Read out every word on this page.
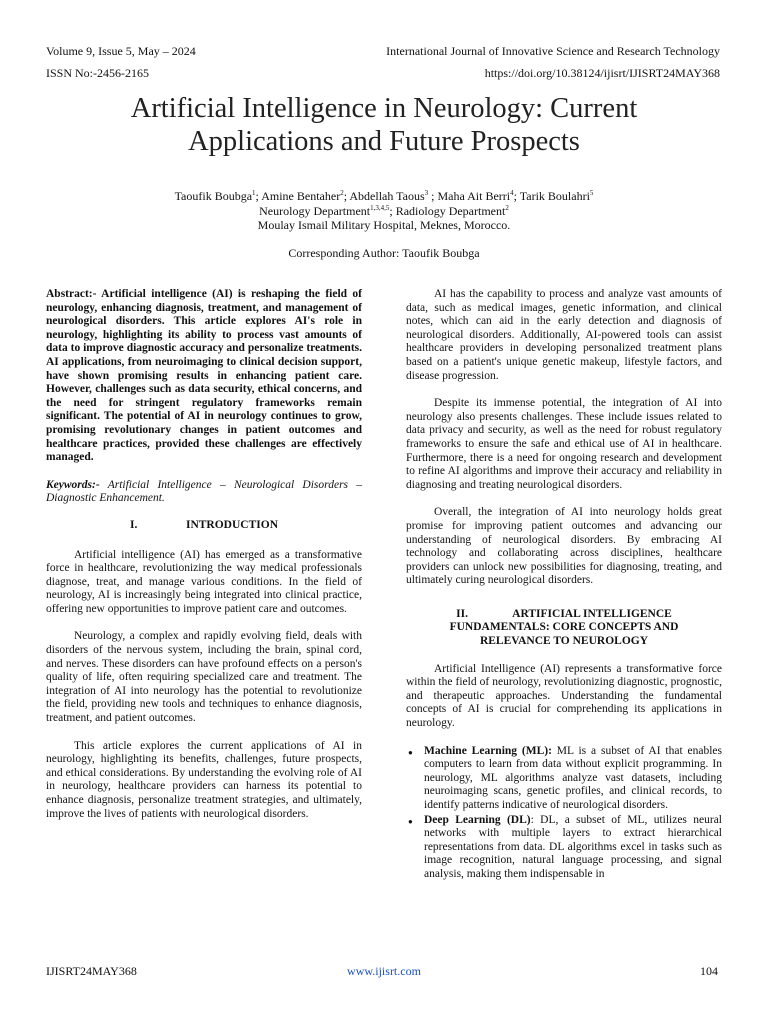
Volume 9, Issue 5, May – 2024	International Journal of Innovative Science and Research Technology
ISSN No:-2456-2165	https://doi.org/10.38124/ijisrt/IJISRT24MAY368
Artificial Intelligence in Neurology: Current Applications and Future Prospects
Taoufik Boubga$^1$; Amine Bentaher$^2$; Abdellah Taous$^3$ ; Maha Ait Berri$^4$; Tarik Boulahri$^5$
Neurology Department$^{1,3,4,5}$; Radiology Department$^2$
Moulay Ismail Military Hospital, Meknes, Morocco.
Corresponding Author: Taoufik Boubga

Abstract:- Artificial intelligence (AI) is reshaping the field of neurology, enhancing diagnosis, treatment, and management of neurological disorders. This article explores AI's role in neurology, highlighting its ability to process vast amounts of data to improve diagnostic accuracy and personalize treatments. AI applications, from neuroimaging to clinical decision support, have shown promising results in enhancing patient care. However, challenges such as data security, ethical concerns, and the need for stringent regulatory frameworks remain significant. The potential of AI in neurology continues to grow, promising revolutionary changes in patient outcomes and healthcare practices, provided these challenges are effectively managed.

Keywords:- Artificial Intelligence – Neurological Disorders – Diagnostic Enhancement.

I.	INTRODUCTION

Artificial intelligence (AI) has emerged as a transformative force in healthcare, revolutionizing the way medical professionals diagnose, treat, and manage various conditions. In the field of neurology, AI is increasingly being integrated into clinical practice, offering new opportunities to improve patient care and outcomes.

Neurology, a complex and rapidly evolving field, deals with disorders of the nervous system, including the brain, spinal cord, and nerves. These disorders can have profound effects on a person's quality of life, often requiring specialized care and treatment. The integration of AI into neurology has the potential to revolutionize the field, providing new tools and techniques to enhance diagnosis, treatment, and patient outcomes.

This article explores the current applications of AI in neurology, highlighting its benefits, challenges, future prospects, and ethical considerations. By understanding the evolving role of AI in neurology, healthcare providers can harness its potential to enhance diagnosis, personalize treatment strategies, and ultimately, improve the lives of patients with neurological disorders.

AI has the capability to process and analyze vast amounts of data, such as medical images, genetic information, and clinical notes, which can aid in the early detection and diagnosis of neurological disorders. Additionally, AI-powered tools can assist healthcare providers in developing personalized treatment plans based on a patient's unique genetic makeup, lifestyle factors, and disease progression.

Despite its immense potential, the integration of AI into neurology also presents challenges. These include issues related to data privacy and security, as well as the need for robust regulatory frameworks to ensure the safe and ethical use of AI in healthcare. Furthermore, there is a need for ongoing research and development to refine AI algorithms and improve their accuracy and reliability in diagnosing and treating neurological disorders.

Overall, the integration of AI into neurology holds great promise for improving patient outcomes and advancing our understanding of neurological disorders. By embracing AI technology and collaborating across disciplines, healthcare providers can unlock new possibilities for diagnosing, treating, and ultimately curing neurological disorders.

II.	ARTIFICIAL INTELLIGENCE
FUNDAMENTALS: CORE CONCEPTS AND RELEVANCE TO NEUROLOGY

Artificial Intelligence (AI) represents a transformative force within the field of neurology, revolutionizing diagnostic, prognostic, and therapeutic approaches. Understanding the fundamental concepts of AI is crucial for comprehending its applications in neurology.

● Machine Learning (ML): ML is a subset of AI that enables computers to learn from data without explicit programming. In neurology, ML algorithms analyze vast datasets, including neuroimaging scans, genetic profiles, and clinical records, to identify patterns indicative of neurological disorders.
● Deep Learning (DL): DL, a subset of ML, utilizes neural networks with multiple layers to extract hierarchical representations from data. DL algorithms excel in tasks such as image recognition, natural language processing, and signal analysis, making them indispensable in
IJISRT24MAY368	www.ijisrt.com	104
